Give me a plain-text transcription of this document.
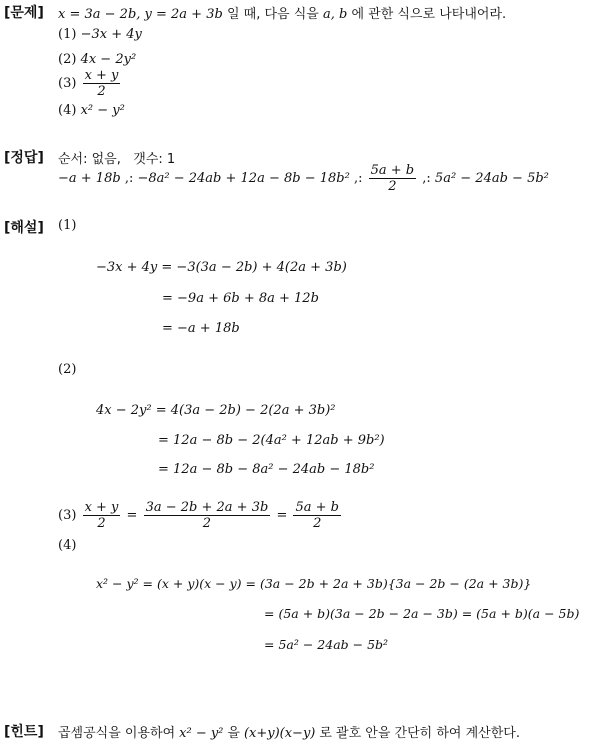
[문제] x = 3a − 2b, y = 2a + 3b 일 때, 다음 식을 a, b 에 관한 식으로 나타내어라.
(1) −3x + 4y
(2) 4x − 2y²
$(3) \frac{x + y}{2}$
(4) x² − y²
[정답] 순서: 없음, 갯수: 1
−a + 18b ,: −8a² − 24ab + 12a − 8b − 18b² ,: $\frac{5a + b}{2}$ ,: 5a² − 24ab − 5b²
[해설] (1)
−3x + 4y = −3(3a − 2b) + 4(2a + 3b)
= −9a + 6b + 8a + 12b
= −a + 18b
(2)
4x − 2y² = 4(3a − 2b) − 2(2a + 3b)²
= 12a − 8b − 2(4a² + 12ab + 9b²)
= 12a − 8b − 8a² − 24ab − 18b²
$(3) \frac{x + y}{2} = \frac{3a - 2b + 2a + 3b}{2} = \frac{5a + b}{2}$
(4)
x² − y² = (x + y)(x − y) = (3a − 2b + 2a + 3b){3a − 2b − (2a + 3b)}
= (5a + b)(3a − 2b − 2a − 3b) = (5a + b)(a − 5b)
= 5a² − 24ab − 5b²
[힌트] 곱셈공식을 이용하여 x² − y² 을 (x+y)(x−y) 로 괄호 안을 간단히 하여 계산한다.
